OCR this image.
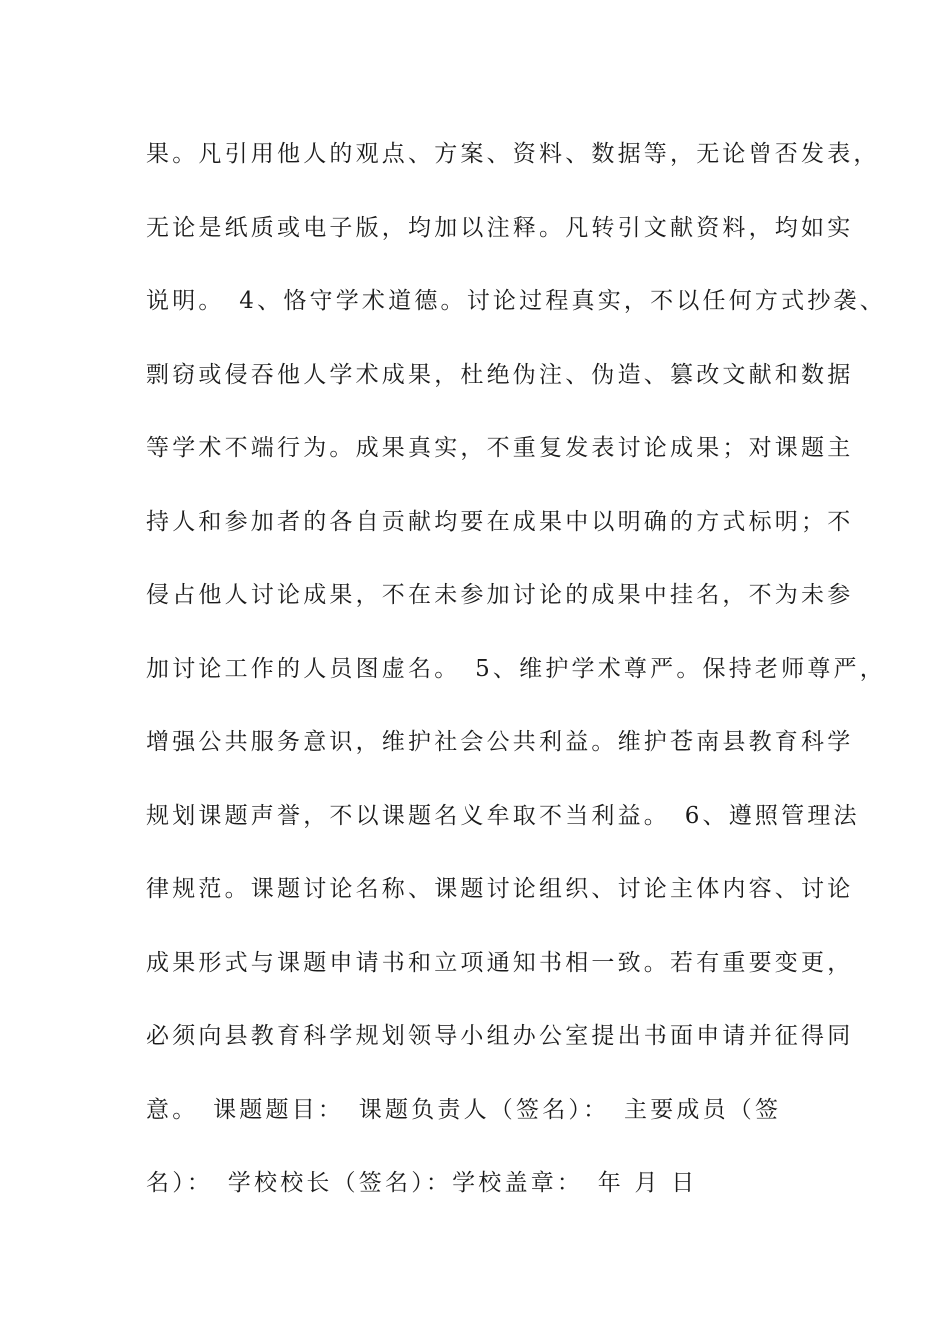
果。凡引用他人的观点、方案、资料、数据等，无论曾否发表，
无论是纸质或电子版，均加以注释。凡转引文献资料，均如实
说明。　4、恪守学术道德。讨论过程真实，不以任何方式抄袭、
剽窃或侵吞他人学术成果，杜绝伪注、伪造、篡改文献和数据
等学术不端行为。成果真实，不重复发表讨论成果；对课题主
持人和参加者的各自贡献均要在成果中以明确的方式标明；不
侵占他人讨论成果，不在未参加讨论的成果中挂名，不为未参
加讨论工作的人员图虚名。　5、维护学术尊严。保持老师尊严，
增强公共服务意识，维护社会公共利益。维护苍南县教育科学
规划课题声誉，不以课题名义牟取不当利益。　6、遵照管理法
律规范。课题讨论名称、课题讨论组织、讨论主体内容、讨论
成果形式与课题申请书和立项通知书相一致。若有重要变更，
必须向县教育科学规划领导小组办公室提出书面申请并征得同
意。　课题题目：　课题负责人（签名）：　主要成员（签
名）：　学校校长（签名）：学校盖章：　年 月 日
